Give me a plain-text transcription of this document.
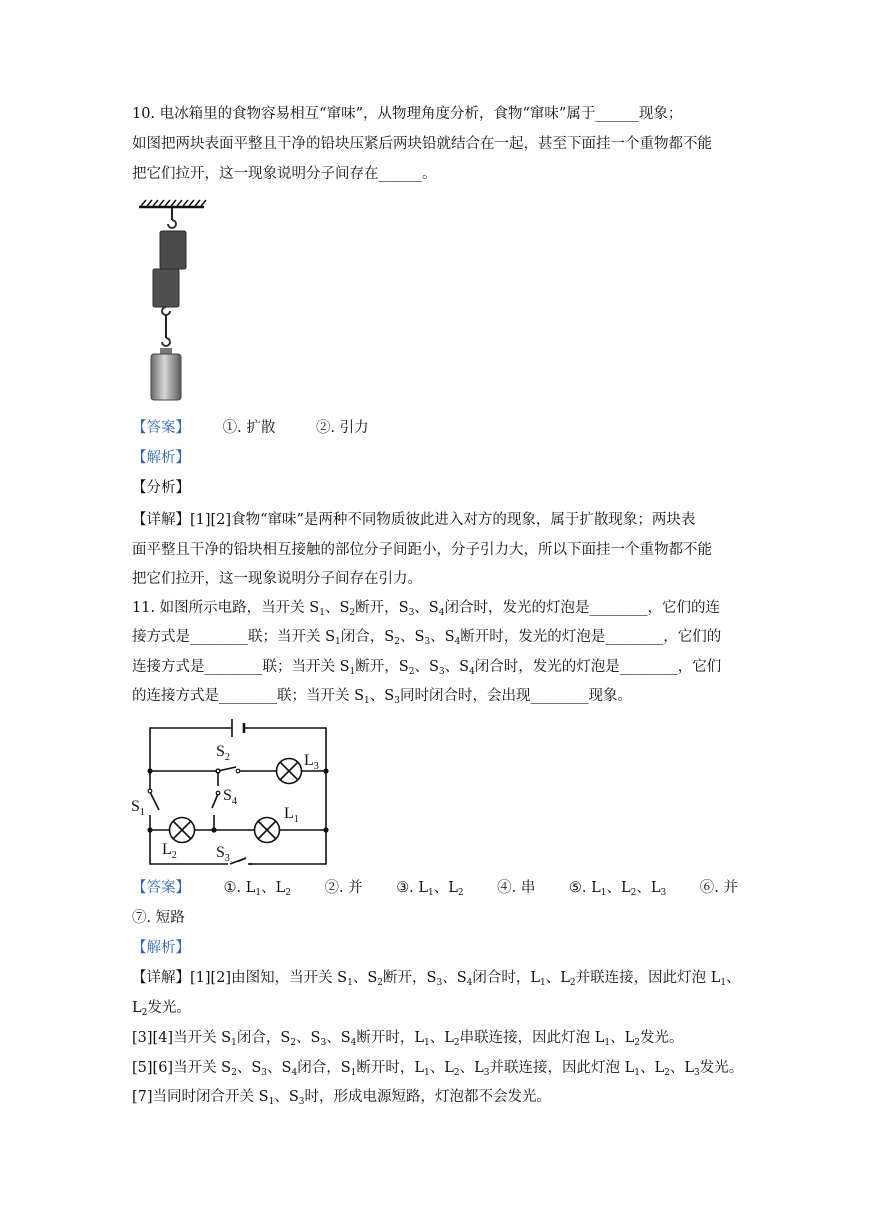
10. 电冰箱里的食物容易相互“窜味”，从物理角度分析，食物“窜味”属于______现象；
如图把两块表面平整且干净的铅块压紧后两块铅就结合在一起，甚至下面挂一个重物都不能
把它们拉开，这一现象说明分子间存在______。
【答案】 ①. 扩散	②. 引力
【解析】
【分析】
【详解】[1][2]食物“窜味”是两种不同物质彼此进入对方的现象，属于扩散现象；两块表
面平整且干净的铅块相互接触的部位分子间距小，分子引力大，所以下面挂一个重物都不能
把它们拉开，这一现象说明分子间存在引力。
11. 如图所示电路，当开关 $S_1$、$S_2$断开，$S_3$、$S_4$闭合时，发光的灯泡是________，它们的连
接方式是________联；当开关 $S_1$闭合，$S_2$、$S_3$、$S_4$断开时，发光的灯泡是________，它们的
连接方式是________联；当开关 $S_1$断开，$S_2$、$S_3$、$S_4$闭合时，发光的灯泡是________，它们
的连接方式是________联；当开关 $S_1$、$S_3$同时闭合时，会出现________现象。
$S_2$	$L_3$
$S_4$
$S_1$	$L_1$
$L_2$ $S_3$
【答案】 ①. $L_1$、$L_2$ ②. 并 ③. $L_1$、$L_2$ ④. 串 ⑤. $L_1$、$L_2$、$L_3$ ⑥. 并
⑦. 短路
【解析】
【详解】[1][2]由图知，当开关 $S_1$、$S_2$断开，$S_3$、$S_4$闭合时，$L_1$、$L_2$并联连接，因此灯泡 $L_1$、
$L_2$发光。
[3][4]当开关 $S_1$闭合，$S_2$、$S_3$、$S_4$断开时，$L_1$、$L_2$串联连接，因此灯泡 $L_1$、$L_2$发光。
[5][6]当开关 $S_2$、$S_3$、$S_4$闭合，$S_1$断开时，$L_1$、$L_2$、$L_3$并联连接，因此灯泡 $L_1$、$L_2$、$L_3$发光。
[7]当同时闭合开关 $S_1$、$S_3$时，形成电源短路，灯泡都不会发光。
